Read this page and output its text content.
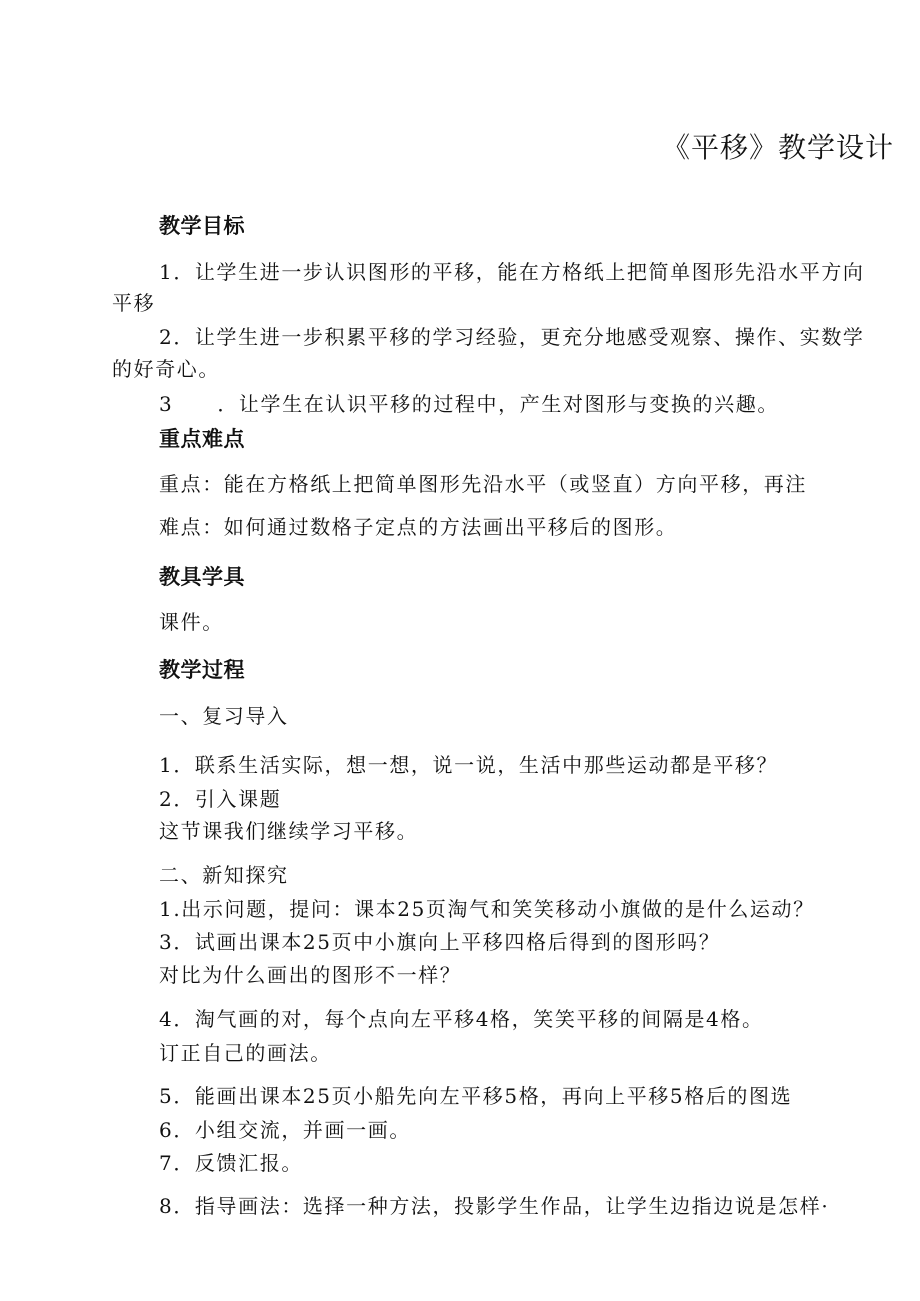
《平移》教学设计
教学目标
1．让学生进一步认识图形的平移，能在方格纸上把简单图形先沿水平方向
平移
2．让学生进一步积累平移的学习经验，更充分地感受观察、操作、实数学
的好奇心。
3 ．让学生在认识平移的过程中，产生对图形与变换的兴趣。
重点难点
重点：能在方格纸上把简单图形先沿水平（或竖直）方向平移，再注
难点：如何通过数格子定点的方法画出平移后的图形。
教具学具
课件。
教学过程
一、复习导入
1．联系生活实际，想一想，说一说，生活中那些运动都是平移？
2．引入课题
这节课我们继续学习平移。
二、新知探究
1.出示问题，提问：课本25页淘气和笑笑移动小旗做的是什么运动？
3．试画出课本25页中小旗向上平移四格后得到的图形吗？
对比为什么画出的图形不一样？
4．淘气画的对，每个点向左平移4格，笑笑平移的间隔是4格。
订正自己的画法。
5．能画出课本25页小船先向左平移5格，再向上平移5格后的图选
6．小组交流，并画一画。
7．反馈汇报。
8．指导画法：选择一种方法，投影学生作品，让学生边指边说是怎样·
